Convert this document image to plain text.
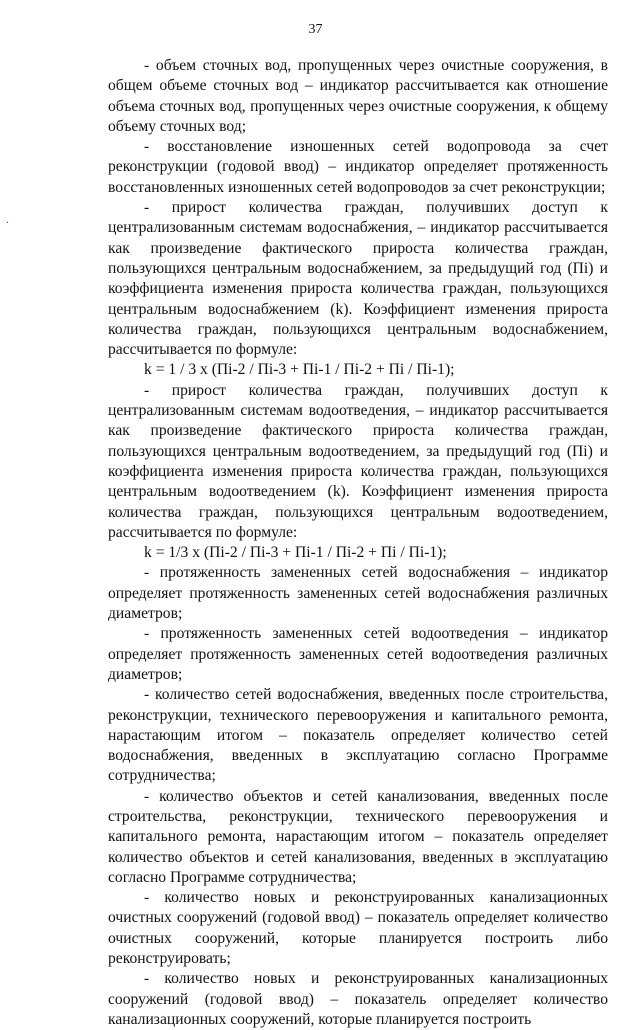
37
.

- объем сточных вод, пропущенных через очистные сооружения, в общем объеме сточных вод – индикатор рассчитывается как отношение объема сточных вод, пропущенных через очистные сооружения, к общему объему сточных вод;

- восстановление изношенных сетей водопровода за счет реконструкции (годовой ввод) – индикатор определяет протяженность восстановленных изношенных сетей водопроводов за счет реконструкции;

- прирост количества граждан, получивших доступ к централизованным системам водоснабжения, – индикатор рассчитывается как произведение фактического прироста количества граждан, пользующихся центральным водоснабжением, за предыдущий год (Пі) и коэффициента изменения прироста количества граждан, пользующихся центральным водоснабжением (k). Коэффициент изменения прироста количества граждан, пользующихся центральным водоснабжением, рассчитывается по формуле:

k = 1 / 3 x (Пі-2 / Пі-3 + Пі-1 / Пі-2 + Пі / Пі-1);

- прирост количества граждан, получивших доступ к централизованным системам водоотведения, – индикатор рассчитывается как произведение фактического прироста количества граждан, пользующихся центральным водоотведением, за предыдущий год (Пі) и коэффициента изменения прироста количества граждан, пользующихся центральным водоотведением (k). Коэффициент изменения прироста количества граждан, пользующихся центральным водоотведением, рассчитывается по формуле:

k = 1/3 x (Пі-2 / Пі-3 + Пі-1 / Пі-2 + Пі / Пі-1);

- протяженность замененных сетей водоснабжения – индикатор определяет протяженность замененных сетей водоснабжения различных диаметров;

- протяженность замененных сетей водоотведения – индикатор определяет протяженность замененных сетей водоотведения различных диаметров;

- количество сетей водоснабжения, введенных после строительства, реконструкции, технического перевооружения и капитального ремонта, нарастающим итогом – показатель определяет количество сетей водоснабжения, введенных в эксплуатацию согласно Программе сотрудничества;

- количество объектов и сетей канализования, введенных после строительства, реконструкции, технического перевооружения и капитального ремонта, нарастающим итогом – показатель определяет количество объектов и сетей канализования, введенных в эксплуатацию согласно Программе сотрудничества;

- количество новых и реконструированных канализационных очистных сооружений (годовой ввод) – показатель определяет количество очистных сооружений, которые планируется построить либо реконструировать;

- количество новых и реконструированных канализационных сооружений (годовой ввод) – показатель определяет количество канализационных сооружений, которые планируется построить
